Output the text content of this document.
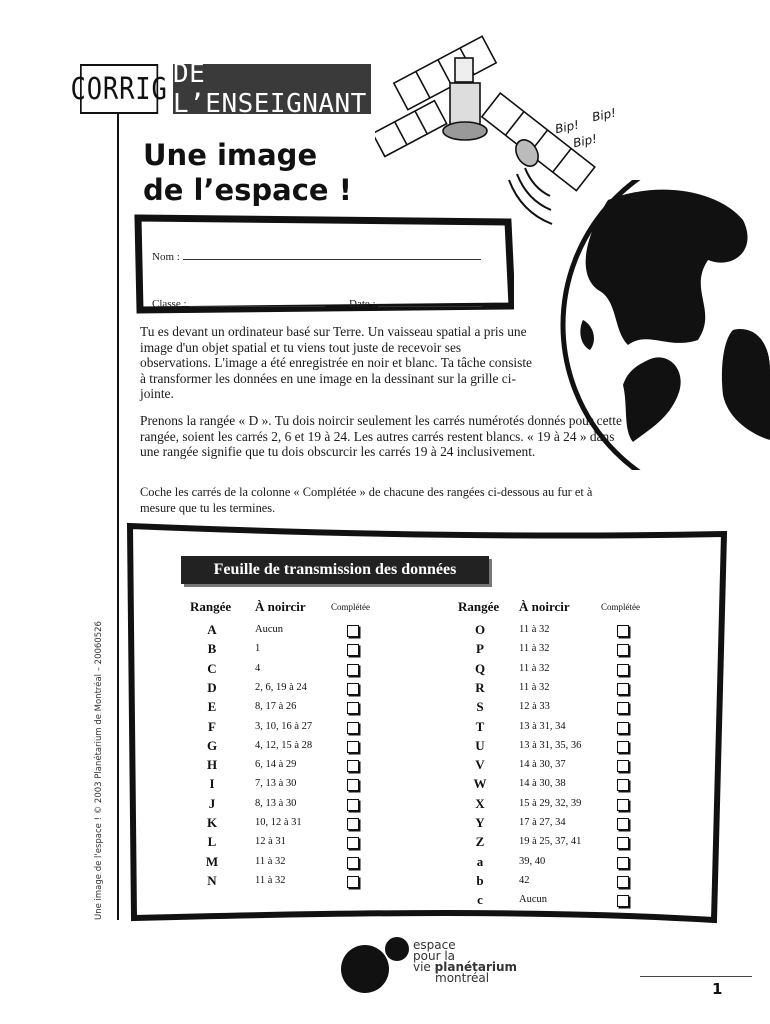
CORRIG DE L’ENSEIGNANT
Bip!
Bip!
Bip!
Une image
de l’espace !
Nom :
Classe :	Date :
Tu es devant un ordinateur basé sur Terre. Un vaisseau spatial a pris une image d'un objet spatial et tu viens tout juste de recevoir ses observations. L'image a été enregistrée en noir et blanc. Ta tâche consiste à transformer les données en une image en la dessinant sur la grille ci-jointe.
Prenons la rangée « D ». Tu dois noircir seulement les carrés numérotés donnés pour cette rangée, soient les carrés 2, 6 et 19 à 24. Les autres carrés restent blancs. « 19 à 24 » dans une rangée signifie que tu dois obscurcir les carrés 19 à 24 inclusivement.
Coche les carrés de la colonne « Complétée » de chacune des rangées ci-dessous au fur et à mesure que tu les termines.
Feuille de transmission des données
Rangée À noircir	Complétée	Rangée À noircir	Complétée
A	Aucun
B	1
C	4
D	2, 6, 19 à 24
E	8, 17 à 26
F	3, 10, 16 à 27
G	4, 12, 15 à 28
H	6, 14 à 29
I	7, 13 à 30
J	8, 13 à 30
K	10, 12 à 31
L	12 à 31
M	11 à 32
N	11 à 32
O	11 à 32
P	11 à 32
Q	11 à 32
R	11 à 32
S	12 à 33
T	13 à 31, 34
U	13 à 31, 35, 36
V	14 à 30, 37
W	14 à 30, 38
X	15 à 29, 32, 39
Y	17 à 27, 34
Z	19 à 25, 37, 41
a	39, 40
b	42
c	Aucun
Une image de l'espace ! © 2003 Planétarium de Montréal – 20060526
espace
pour la
vie planétarium
montréal
1
